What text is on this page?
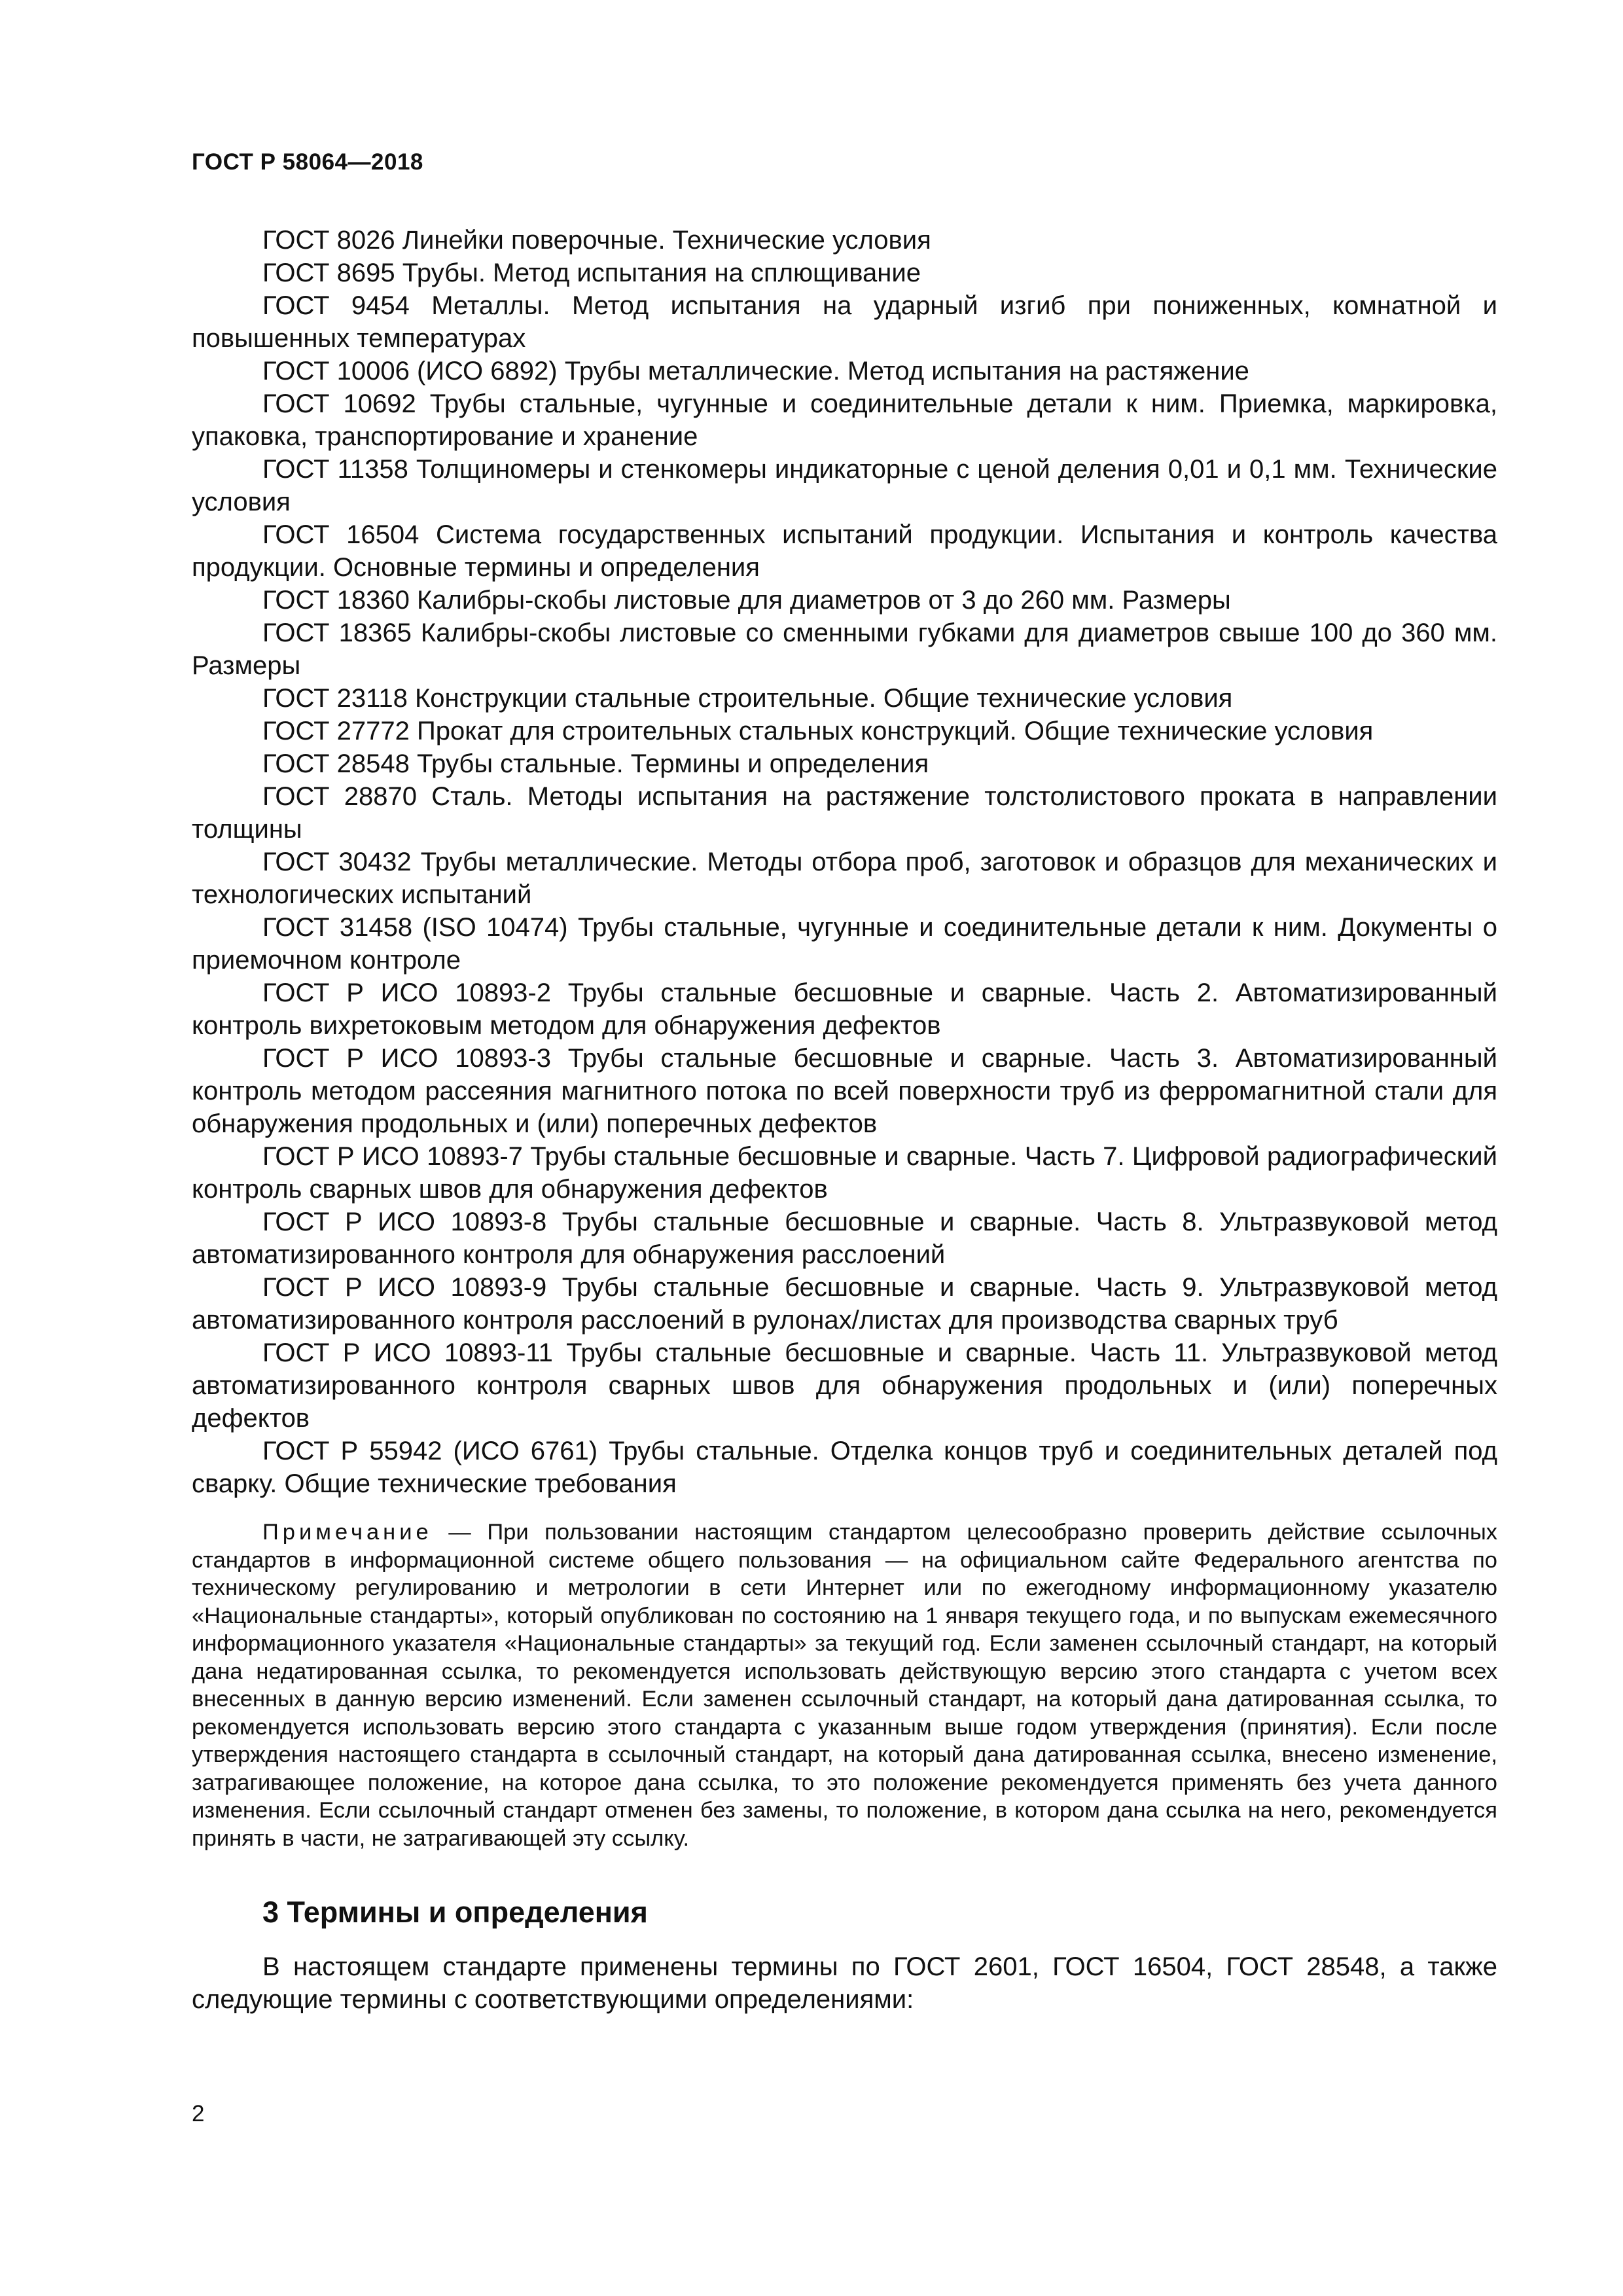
ГОСТ Р 58064—2018

ГОСТ 8026 Линейки поверочные. Технические условия

ГОСТ 8695 Трубы. Метод испытания на сплющивание

ГОСТ 9454 Металлы. Метод испытания на ударный изгиб при пониженных, комнатной и повышенных температурах

ГОСТ 10006 (ИСО 6892) Трубы металлические. Метод испытания на растяжение

ГОСТ 10692 Трубы стальные, чугунные и соединительные детали к ним. Приемка, маркировка, упаковка, транспортирование и хранение

ГОСТ 11358 Толщиномеры и стенкомеры индикаторные с ценой деления 0,01 и 0,1 мм. Технические условия

ГОСТ 16504 Система государственных испытаний продукции. Испытания и контроль качества продукции. Основные термины и определения

ГОСТ 18360 Калибры-скобы листовые для диаметров от 3 до 260 мм. Размеры

ГОСТ 18365 Калибры-скобы листовые со сменными губками для диаметров свыше 100 до 360 мм. Размеры

ГОСТ 23118 Конструкции стальные строительные. Общие технические условия

ГОСТ 27772 Прокат для строительных стальных конструкций. Общие технические условия

ГОСТ 28548 Трубы стальные. Термины и определения

ГОСТ 28870 Сталь. Методы испытания на растяжение толстолистового проката в направлении толщины

ГОСТ 30432 Трубы металлические. Методы отбора проб, заготовок и образцов для механических и технологических испытаний

ГОСТ 31458 (ISO 10474) Трубы стальные, чугунные и соединительные детали к ним. Документы о приемочном контроле

ГОСТ Р ИСО 10893-2 Трубы стальные бесшовные и сварные. Часть 2. Автоматизированный контроль вихретоковым методом для обнаружения дефектов

ГОСТ Р ИСО 10893-3 Трубы стальные бесшовные и сварные. Часть 3. Автоматизированный контроль методом рассеяния магнитного потока по всей поверхности труб из ферромагнитной стали для обнаружения продольных и (или) поперечных дефектов

ГОСТ Р ИСО 10893-7 Трубы стальные бесшовные и сварные. Часть 7. Цифровой радиографический контроль сварных швов для обнаружения дефектов

ГОСТ Р ИСО 10893-8 Трубы стальные бесшовные и сварные. Часть 8. Ультразвуковой метод автоматизированного контроля для обнаружения расслоений

ГОСТ Р ИСО 10893-9 Трубы стальные бесшовные и сварные. Часть 9. Ультразвуковой метод автоматизированного контроля расслоений в рулонах/листах для производства сварных труб

ГОСТ Р ИСО 10893-11 Трубы стальные бесшовные и сварные. Часть 11. Ультразвуковой метод автоматизированного контроля сварных швов для обнаружения продольных и (или) поперечных дефектов

ГОСТ Р 55942 (ИСО 6761) Трубы стальные. Отделка концов труб и соединительных деталей под сварку. Общие технические требования

Примечание — При пользовании настоящим стандартом целесообразно проверить действие ссылочных стандартов в информационной системе общего пользования — на официальном сайте Федерального агентства по техническому регулированию и метрологии в сети Интернет или по ежегодному информационному указателю «Национальные стандарты», который опубликован по состоянию на 1 января текущего года, и по выпускам ежемесячного информационного указателя «Национальные стандарты» за текущий год. Если заменен ссылочный стандарт, на который дана недатированная ссылка, то рекомендуется использовать действующую версию этого стандарта с учетом всех внесенных в данную версию изменений. Если заменен ссылочный стандарт, на который дана датированная ссылка, то рекомендуется использовать версию этого стандарта с указанным выше годом утверждения (принятия). Если после утверждения настоящего стандарта в ссылочный стандарт, на который дана датированная ссылка, внесено изменение, затрагивающее положение, на которое дана ссылка, то это положение рекомендуется применять без учета данного изменения. Если ссылочный стандарт отменен без замены, то положение, в котором дана ссылка на него, рекомендуется принять в части, не затрагивающей эту ссылку.

3 Термины и определения

В настоящем стандарте применены термины по ГОСТ 2601, ГОСТ 16504, ГОСТ 28548, а также следующие термины с соответствующими определениями:

2
